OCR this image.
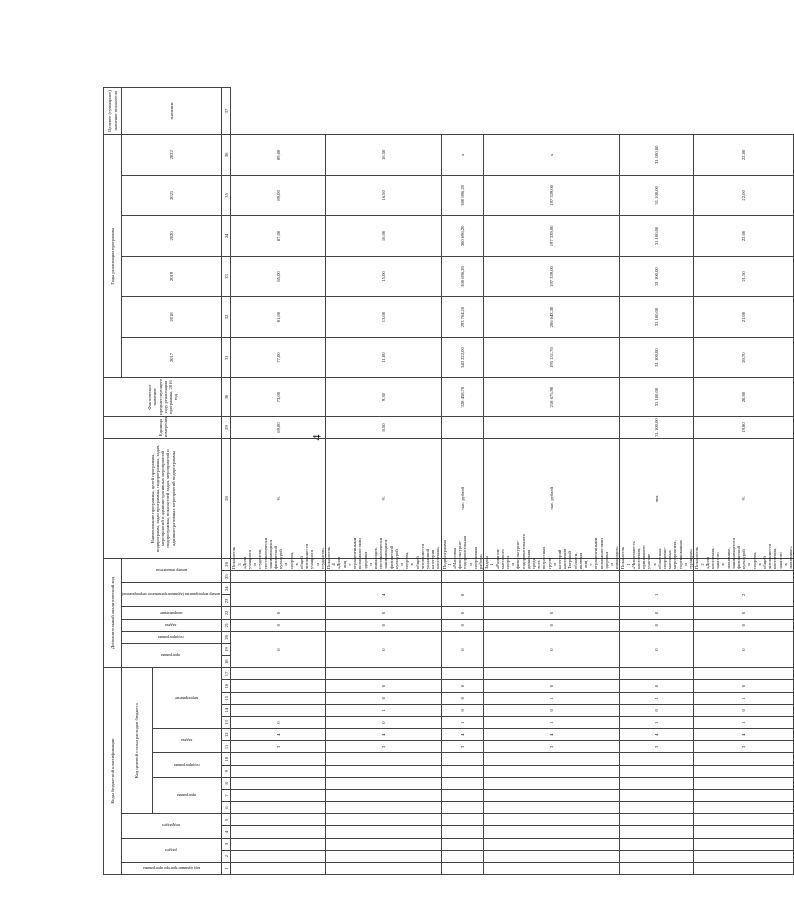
4
Коды бюджетной классификации																	Дополнительный аналитический код									Наименование программы, целей программы, подпрограмм, задач программы, подпрограммы, задач, мероприятий и административных мероприятий подпрограммы, показателей задач, мероприятий и административных мероприятий подпрограммы	Единица измерения	Фактическое значение предшествующего году реализации программы, 2016 год	Годы реализации программы						Целевое (суммарное) значение показателя
код администратора программы	раздел		подраздел		Код целевой статьи расходов бюджета												программа		подпрограмма	задача	направление	номер мероприятия (административного мероприятия)		номер показателя					2017	2018	2019	2020	2021	2022	значение
					программа			подпрограмма		задача		мероприятие																							
1	2	3	4	5	6	7	8	9	10	11	12	13	14	15	16	17	18	19	20	21	22	23	24	25	26	28	29	30	31	32	33	34	35	36	37
										3	4	0					0			0	0				Показатель 3 «Доля учащихся и студентов, систематически занимающихся физической культурой и спортом, в общей численности учащихся и студентов»	%	69,00	73,00	77,00	81,00	85,00	87,00	89,00	89,00	
										3	4	0	1	0	0		0			0	0	4			Показатель 4 «Доля лиц с ограниченными возможностями здоровья и инвалидов, систематически занимающихся физической культурой и спортом, в общей численности указанной категории населения»	%	8,50	9,30	11,00	13,00	15,00	16,00	16,50	16,50	
										3	4	1	0	0	0		0			0	0	0			Подпрограмма 1 «Массовая физкультурно-оздоровительная и спортивная работа»	тыс. рублей		328 458,70	343 222,00	293 764,10	300 696,20	300 696,20	300 696,20	х	
										3	4	1	0	1	0		0			0	0				Задача 1 «Развитие массового спорта и физкультурно-оздоровительного движения среди всех возрастных групп и категорий населения Тверской области, включая лиц с ограниченными возможностями здоровья и инвалидов»	тыс. рублей		218 675,90	195 131,70	206 643,30	197 339,00	197 339,00	197 339,00	х	
										3	4	1	0	1	0		0			0	0	1			Показатель 1 «Численность населения, принявшего участие в областных спортивно-массовых мероприятиях, соревнованиях и турнирах»	чел.	31 100,00	31 100,00	31 100,00	31 100,00	31 100,00	31 100,00	31 100,00	31 100,00	
										3	4	1	0	1	0		0			0	0	2			Показатель 2 «Доля населения, занятого в экономике, занимающегося физической культурой и спортом, в общей численности населения, занятого в экономике»	%	19,80	20,80	20,70	21,00	21,50	22,00	22,00	22,00	
